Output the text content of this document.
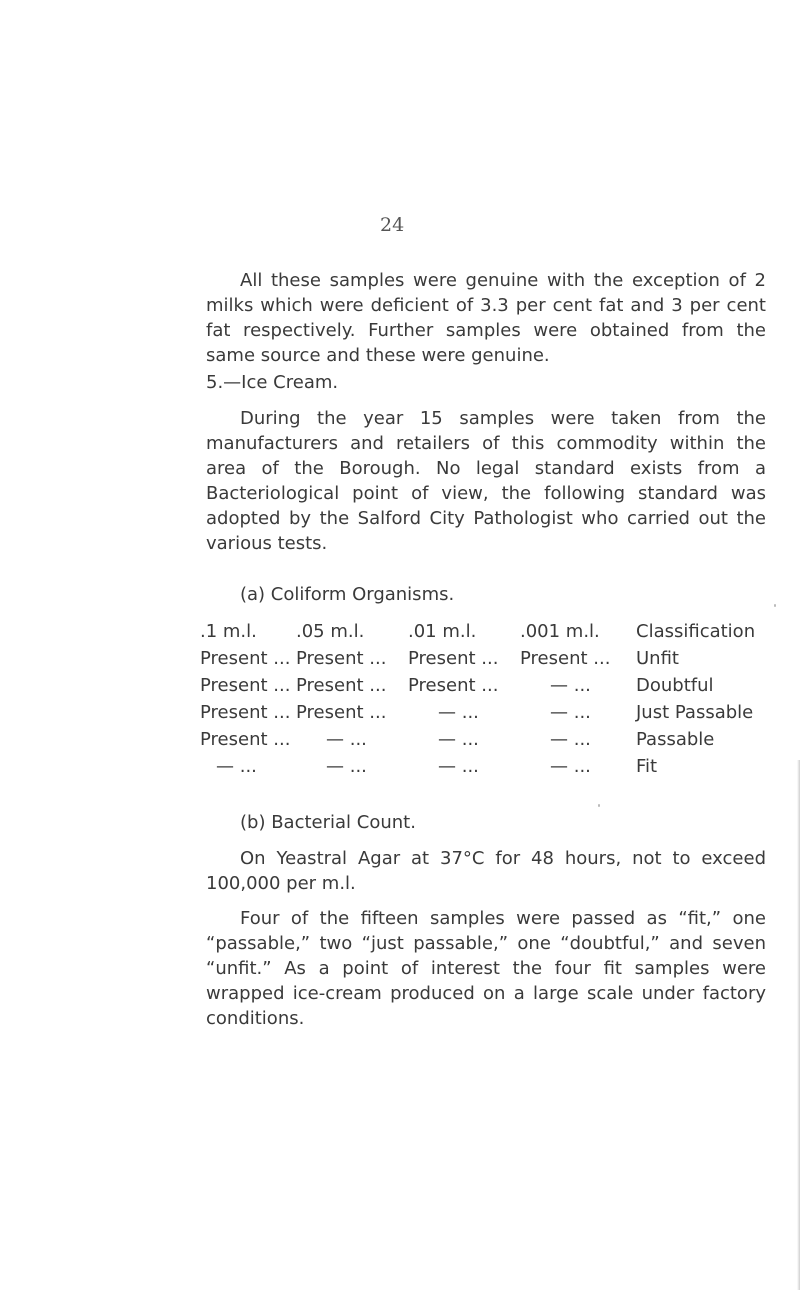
24

All these samples were genuine with the exception of 2 milks which were deficient of 3.3 per cent fat and 3 per cent fat respectively. Further samples were obtained from the same source and these were genuine.

5.—Ice Cream.

During the year 15 samples were taken from the manufacturers and retailers of this commodity within the area of the Borough. No legal standard exists from a Bacteriological point of view, the following standard was adopted by the Salford City Pathologist who carried out the various tests.

(a) Coliform Organisms.

.1 m.l.	.05 m.l.	.01 m.l.	.001 m.l.	Classification
Present ...	Present ...	Present ...	Present ...	Unfit
Present ...	Present ...	Present ...	— ...	Doubtful
Present ...	Present ...	— ...	— ...	Just Passable
Present ...	— ...	— ...	— ...	Passable
— ...	— ...	— ...	— ...	Fit

(b) Bacterial Count.

On Yeastral Agar at 37°C for 48 hours, not to exceed 100,000 per m.l.

Four of the fifteen samples were passed as “fit,” one “passable,” two “just passable,” one “doubtful,” and seven “unfit.” As a point of interest the four fit samples were wrapped ice-cream produced on a large scale under factory conditions.
